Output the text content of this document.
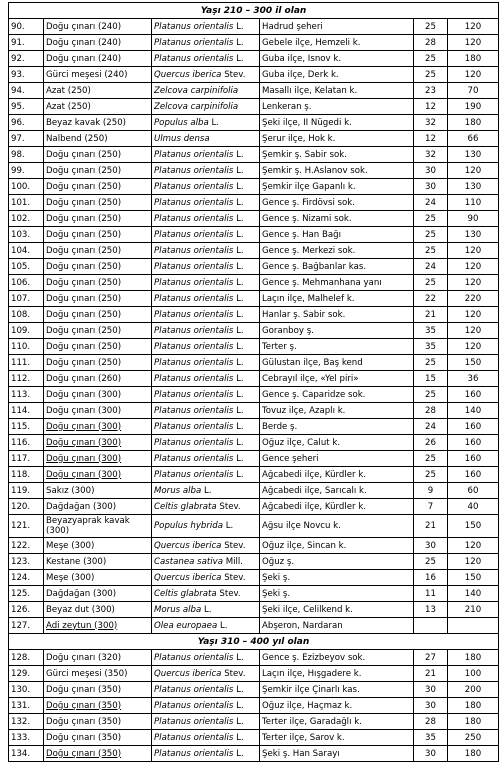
Yaşı 210 – 300 il olan					
90.	Doğu çınarı (240)	Platanus orientalis L.	Hadrud şeheri	25	120
91.	Doğu çınarı (240)	Platanus orientalis L.	Gebele ilçe, Hemzeli k.	28	120
92.	Doğu çınarı (240)	Platanus orientalis L.	Guba ilçe, Isnov k.	25	180
93.	Gürci meşesi (240)	Quercus iberica Stev.	Guba ilçe, Derk k.	25	120
94.	Azat (250)	Zelcova carpinifolia	Masallı ilçe, Kelatan k.	23	70
95.	Azat (250)	Zelcova carpinifolia	Lenkeran ş.	12	190
96.	Beyaz kavak (250)	Populus alba L.	Şeki ilçe, II Nügedi k.	32	180
97.	Nalbend (250)	Ulmus densa	Şerur ilçe, Hok k.	12	66
98.	Doğu çınarı (250)	Platanus orientalis L.	Şemkir ş. Sabir sok.	32	130
99.	Doğu çınarı (250)	Platanus orientalis L.	Şemkir ş. H.Aslanov sok.	30	120
100.	Doğu çınarı (250)	Platanus orientalis L.	Şemkir ilçe Gapanlı k.	30	130
101.	Doğu çınarı (250)	Platanus orientalis L.	Gence ş. Firdövsi sok.	24	110
102.	Doğu çınarı (250)	Platanus orientalis L.	Gence ş. Nizami sok.	25	90
103.	Doğu çınarı (250)	Platanus orientalis L.	Gence ş. Han Bağı	25	130
104.	Doğu çınarı (250)	Platanus orientalis L.	Gence ş. Merkezi sok.	25	120
105.	Doğu çınarı (250)	Platanus orientalis L.	Gence ş. Bağbanlar kas.	24	120
106.	Doğu çınarı (250)	Platanus orientalis L.	Gence ş. Mehmanhana yanı	25	120
107.	Doğu çınarı (250)	Platanus orientalis L.	Laçın ilçe, Malhelef k.	22	220
108.	Doğu çınarı (250)	Platanus orientalis L.	Hanlar ş. Sabir sok.	21	120
109.	Doğu çınarı (250)	Platanus orientalis L.	Goranboy ş.	35	120
110.	Doğu çınarı (250)	Platanus orientalis L.	Terter ş.	35	120
111.	Doğu çınarı (250)	Platanus orientalis L.	Gülustan ilçe, Baş kend	25	150
112.	Doğu çınarı (260)	Platanus orientalis L.	Cebrayıl ilçe, «Yel piri»	15	36
113.	Doğu çınarı (300)	Platanus orientalis L.	Gence ş. Caparidze sok.	25	160
114.	Doğu çınarı (300)	Platanus orientalis L.	Tovuz ilçe, Azaplı k.	28	140
115.	Doğu çınarı (300)	Platanus orientalis L.	Berde ş.	24	160
116.	Doğu çınarı (300)	Platanus orientalis L.	Oğuz ilçe, Calut k.	26	160
117.	Doğu çınarı (300)	Platanus orientalis L.	Gence şeheri	25	160
118.	Doğu çınarı (300)	Platanus orientalis L.	Ağcabedi ilçe, Kürdler k.	25	160
119.	Sakız (300)	Morus alba L.	Ağcabedi ilçe, Sarıcalı k.	9	60
120.	Dağdağan (300)	Celtis glabrata Stev.	Ağcabedi ilçe, Kürdler k.	7	40
121.	Beyazyaprak kavak (300)	Populus hybrida L.	Ağsu ilçe Novcu k.	21	150
122.	Meşe (300)	Quercus iberica Stev.	Oğuz ilçe, Sincan k.	30	120
123.	Kestane (300)	Castanea sativa Mill.	Oğuz ş.	25	120
124.	Meşe (300)	Quercus iberica Stev.	Şeki ş.	16	150
125.	Dağdağan (300)	Celtis glabrata Stev.	Şeki ş.	11	140
126.	Beyaz dut (300)	Morus alba L.	Şeki ilçe, Celilkend k.	13	210
127.	Adi zeytun (300)	Olea europaea L.	Abşeron, Nardaran		
Yaşı 310 – 400 yıl olan					
128.	Doğu çınarı (320)	Platanus orientalis L.	Gence ş. Ezizbeyov sok.	27	180
129.	Gürci meşesi (350)	Quercus iberica Stev.	Laçın ilçe, Hışgadere k.	21	100
130.	Doğu çınarı (350)	Platanus orientalis L.	Şemkir ilçe Çinarlı kas.	30	200
131.	Doğu çınarı (350)	Platanus orientalis L.	Oğuz ilçe, Haçmaz k.	30	180
132.	Doğu çınarı (350)	Platanus orientalis L.	Terter ilçe, Garadağlı k.	28	180
133.	Doğu çınarı (350)	Platanus orientalis L.	Terter ilçe, Sarov k.	35	250
134.	Doğu çınarı (350)	Platanus orientalis L.	Şeki ş. Han Sarayı	30	180
